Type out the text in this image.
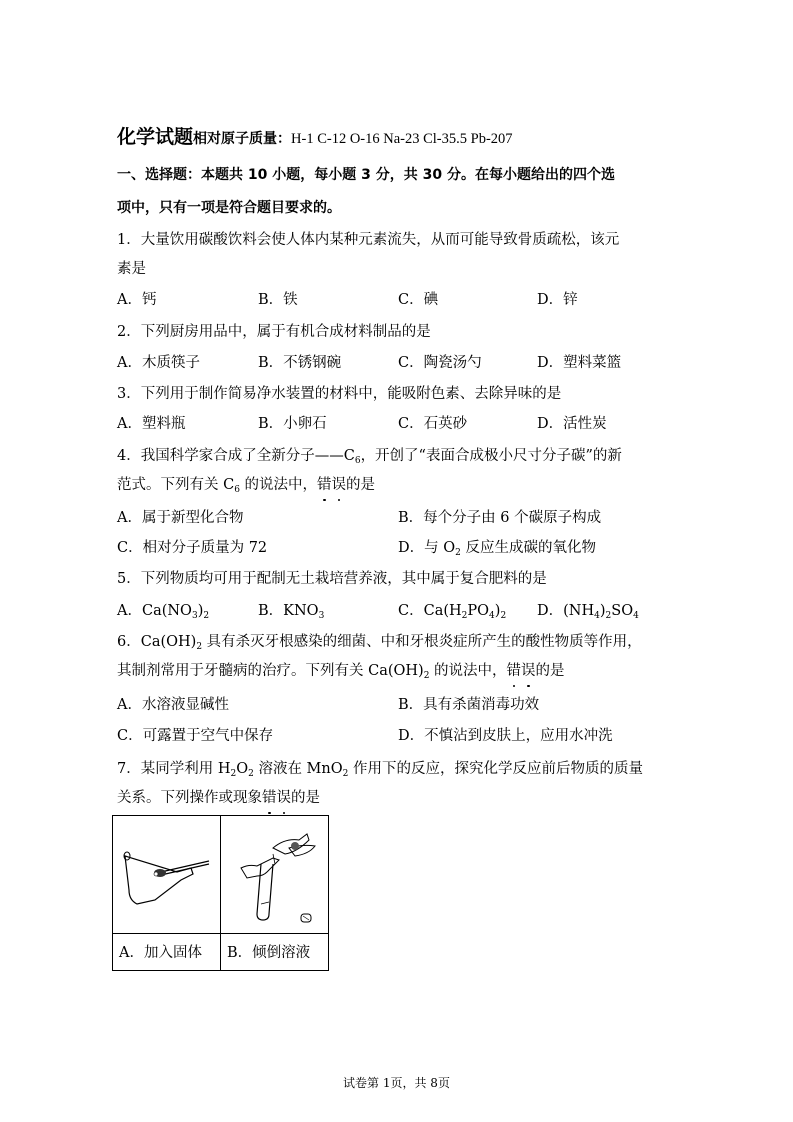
化学试题相对原子质量：H-1 C-12 O-16 Na-23 Cl-35.5 Pb-207
一、选择题：本题共 10 小题，每小题 3 分，共 30 分。在每小题给出的四个选
项中，只有一项是符合题目要求的。
1．大量饮用碳酸饮料会使人体内某种元素流失，从而可能导致骨质疏松，该元
素是
A．钙	B．铁	C．碘	D．锌
2．下列厨房用品中，属于有机合成材料制品的是
A．木质筷子	B．不锈钢碗	C．陶瓷汤勺	D．塑料菜篮
3．下列用于制作简易净水装置的材料中，能吸附色素、去除异味的是
A．塑料瓶	B．小卵石	C．石英砂	D．活性炭
4．我国科学家合成了全新分子$——C_6$，开创了“表面合成极小尺寸分子碳”的新
范式。下列有关 $C_6$ 的说法中，错误的是
A．属于新型化合物	B．每个分子由 6 个碳原子构成
C．相对分子质量为 72	D．与 $O_2$ 反应生成碳的氧化物
5．下列物质均可用于配制无土栽培营养液，其中属于复合肥料的是
A．$Ca(NO_3)_2$	B．$KNO_3$	C．$Ca(H_2PO_4)_2$ D．$(NH_4)_2SO_4$
6．$Ca(OH)_2$ 具有杀灭牙根感染的细菌、中和牙根炎症所产生的酸性物质等作用，
其制剂常用于牙髓病的治疗。下列有关 $Ca(OH)_2$ 的说法中，错误的是
A．水溶液显碱性	B．具有杀菌消毒功效
C．可露置于空气中保存	D．不慎沾到皮肤上，应用水冲洗
7．某同学利用 $H_2O_2$ 溶液在 MnO$_2$ 作用下的反应，探究化学反应前后物质的质量
关系。下列操作或现象错误的是
A．加入固体 B．倾倒溶液
试卷第 1页，共 8页
